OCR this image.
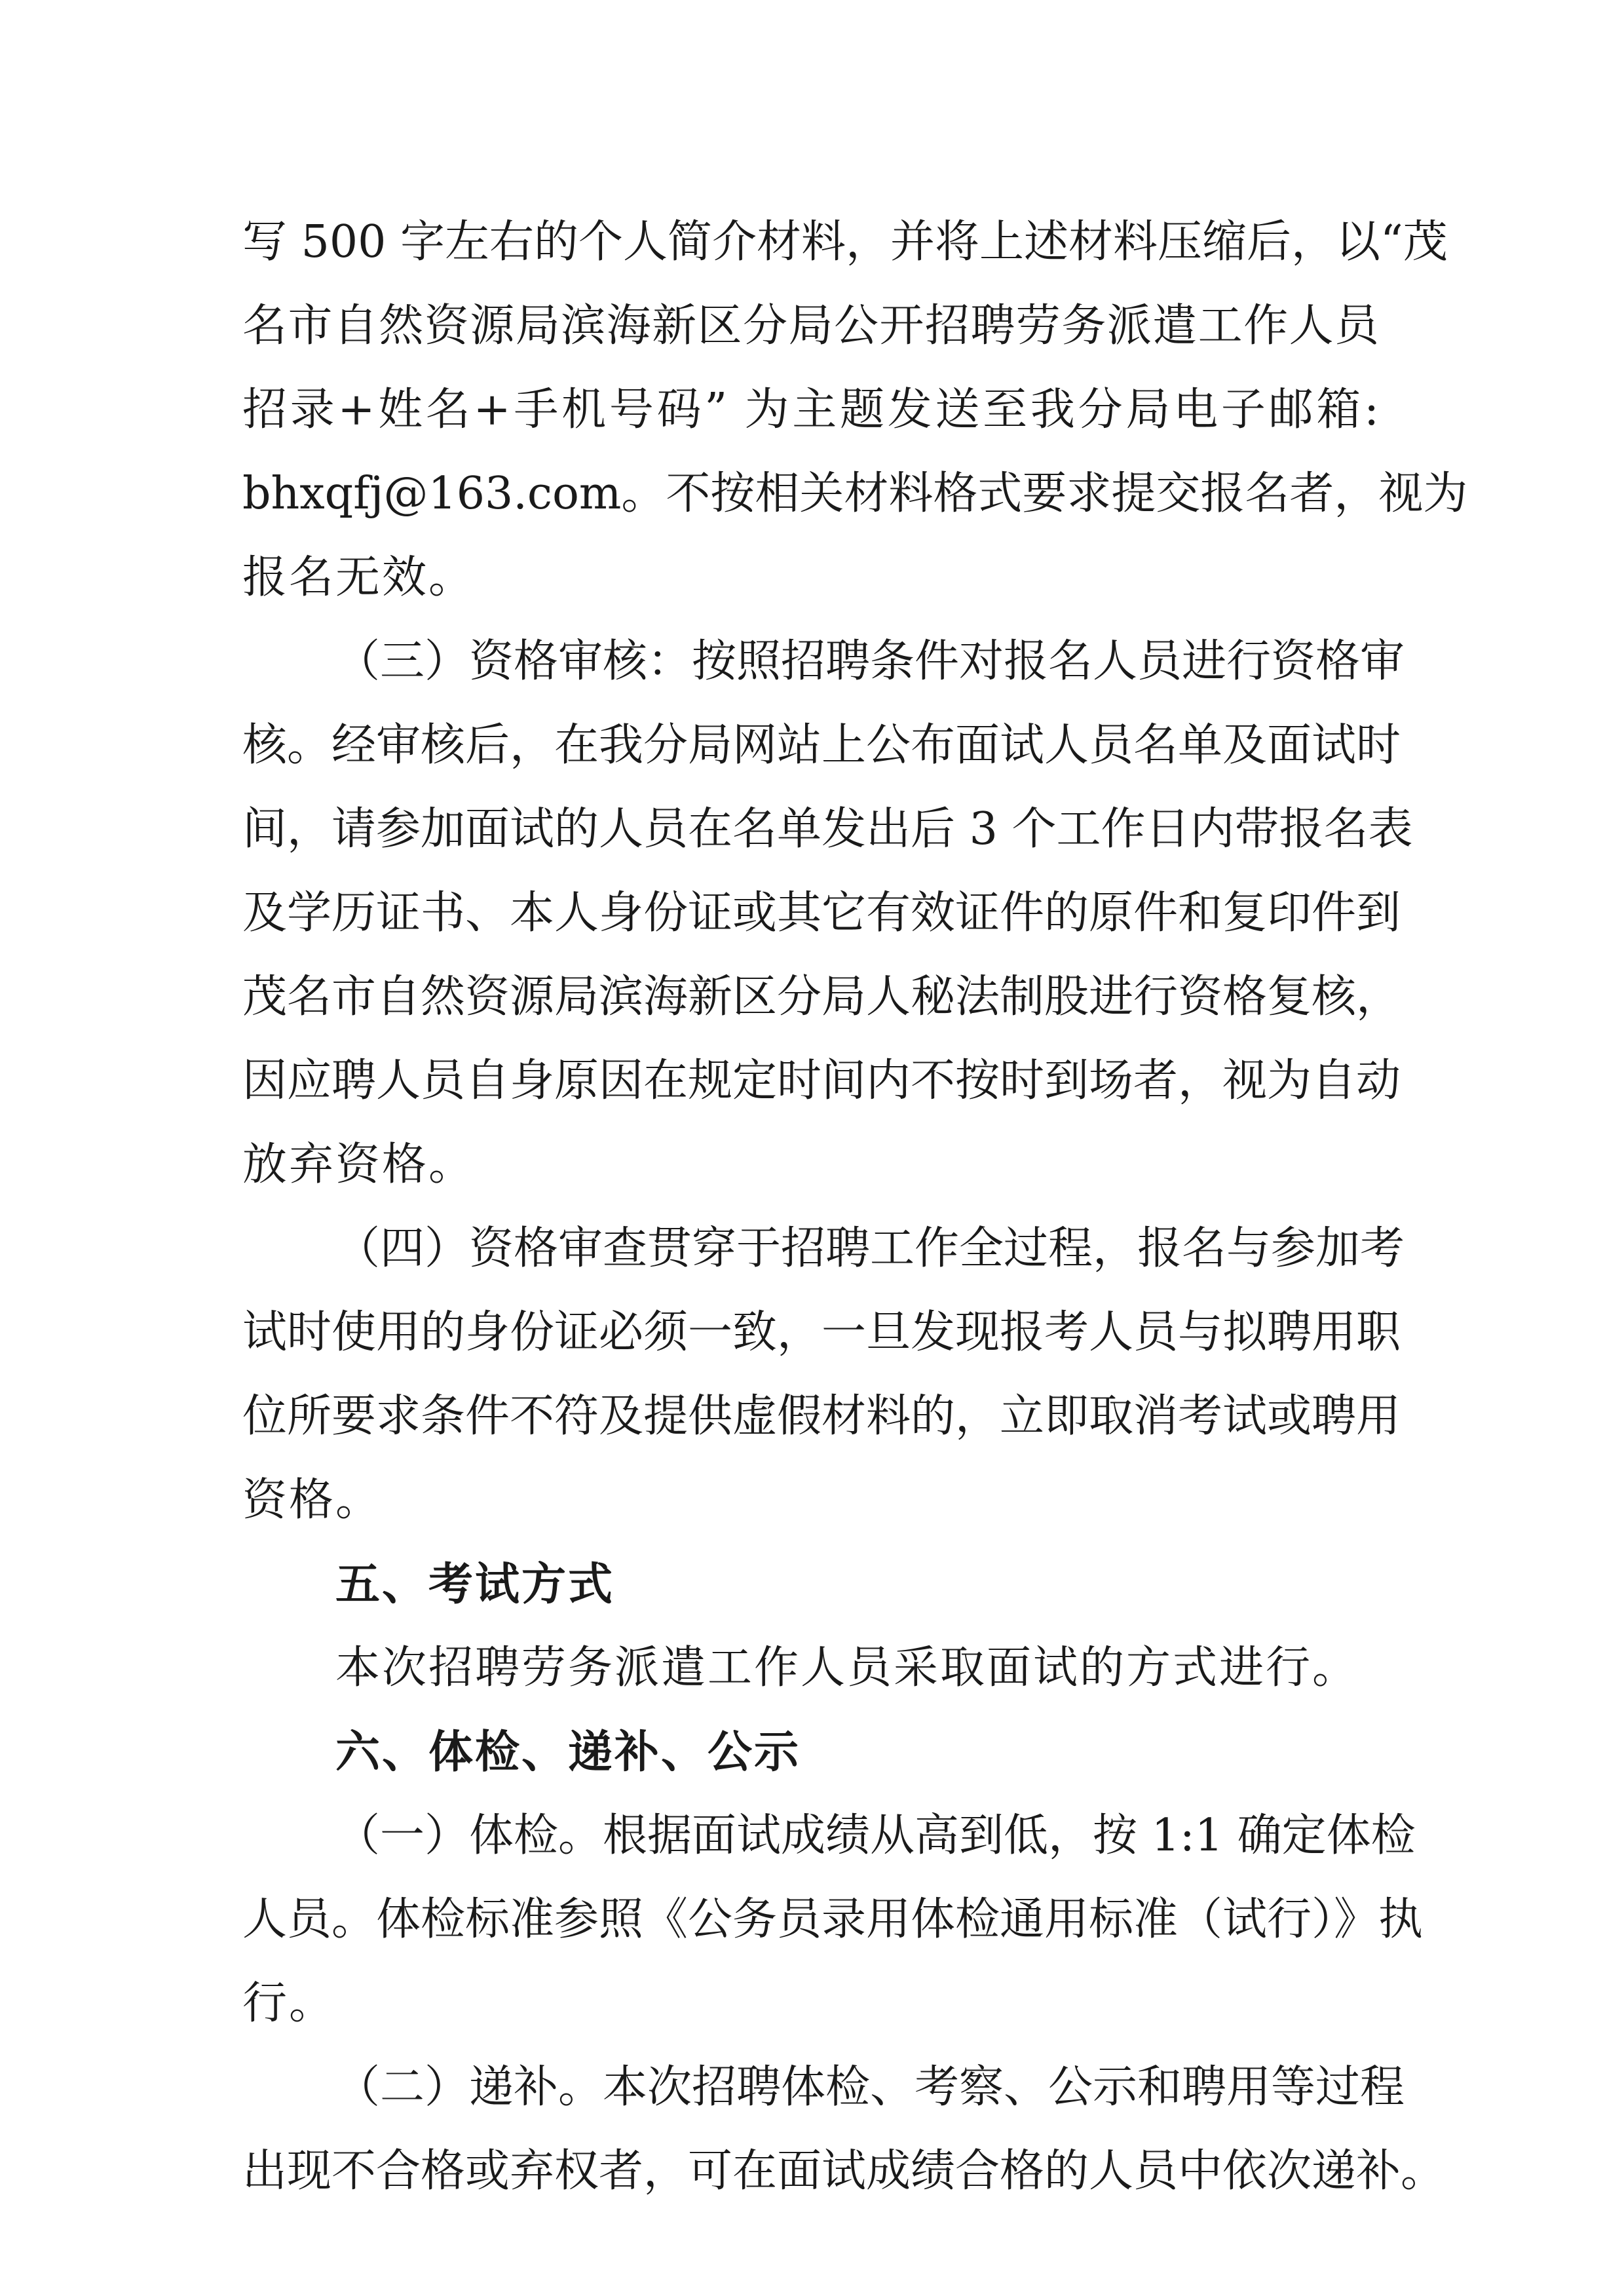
写 500 字左右的个人简介材料，并将上述材料压缩后，以“茂
名市自然资源局滨海新区分局公开招聘劳务派遣工作人员
招录+姓名+手机号码” 为主题发送至我分局电子邮箱:
bhxqfj@163.com。不按相关材料格式要求提交报名者，视为
报名无效。
（三）资格审核：按照招聘条件对报名人员进行资格审
核。经审核后，在我分局网站上公布面试人员名单及面试时
间，请参加面试的人员在名单发出后 3 个工作日内带报名表
及学历证书、本人身份证或其它有效证件的原件和复印件到
茂名市自然资源局滨海新区分局人秘法制股进行资格复核，
因应聘人员自身原因在规定时间内不按时到场者，视为自动
放弃资格。
（四）资格审查贯穿于招聘工作全过程，报名与参加考
试时使用的身份证必须一致，一旦发现报考人员与拟聘用职
位所要求条件不符及提供虚假材料的，立即取消考试或聘用
资格。
五、考试方式
本次招聘劳务派遣工作人员采取面试的方式进行。
六、体检、递补、公示
（一）体检。根据面试成绩从高到低，按 1:1 确定体检
人员。体检标准参照《公务员录用体检通用标准（试行）》执
行。
（二）递补。本次招聘体检、考察、公示和聘用等过程
出现不合格或弃权者，可在面试成绩合格的人员中依次递补。
